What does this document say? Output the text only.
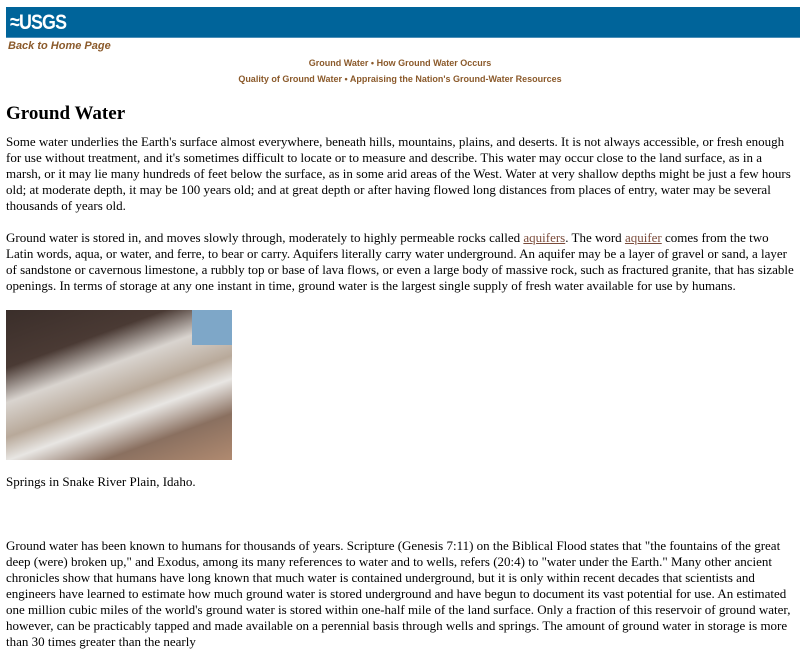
≈USGS
Back to Home Page
Ground Water • How Ground Water Occurs
Quality of Ground Water • Appraising the Nation's Ground-Water Resources
Ground Water

Some water underlies the Earth's surface almost everywhere, beneath hills, mountains, plains, and deserts. It is not always accessible, or fresh enough for use without treatment, and it's sometimes difficult to locate or to measure and describe. This water may occur close to the land surface, as in a marsh, or it may lie many hundreds of feet below the surface, as in some arid areas of the West. Water at very shallow depths might be just a few hours old; at moderate depth, it may be 100 years old; and at great depth or after having flowed long distances from places of entry, water may be several thousands of years old.

Ground water is stored in, and moves slowly through, moderately to highly permeable rocks called aquifers. The word aquifer comes from the two Latin words, aqua, or water, and ferre, to bear or carry. Aquifers literally carry water underground. An aquifer may be a layer of gravel or sand, a layer of sandstone or cavernous limestone, a rubbly top or base of lava flows, or even a large body of massive rock, such as fractured granite, that has sizable openings. In terms of storage at any one instant in time, ground water is the largest single supply of fresh water available for use by humans.

Springs in Snake River Plain, Idaho.

Ground water has been known to humans for thousands of years. Scripture (Genesis 7:11) on the Biblical Flood states that "the fountains of the great deep (were) broken up," and Exodus, among its many references to water and to wells, refers (20:4) to "water under the Earth." Many other ancient chronicles show that humans have long known that much water is contained underground, but it is only within recent decades that scientists and engineers have learned to estimate how much ground water is stored underground and have begun to document its vast potential for use. An estimated one million cubic miles of the world's ground water is stored within one-half mile of the land surface. Only a fraction of this reservoir of ground water, however, can be practicably tapped and made available on a perennial basis through wells and springs. The amount of ground water in storage is more than 30 times greater than the nearly
